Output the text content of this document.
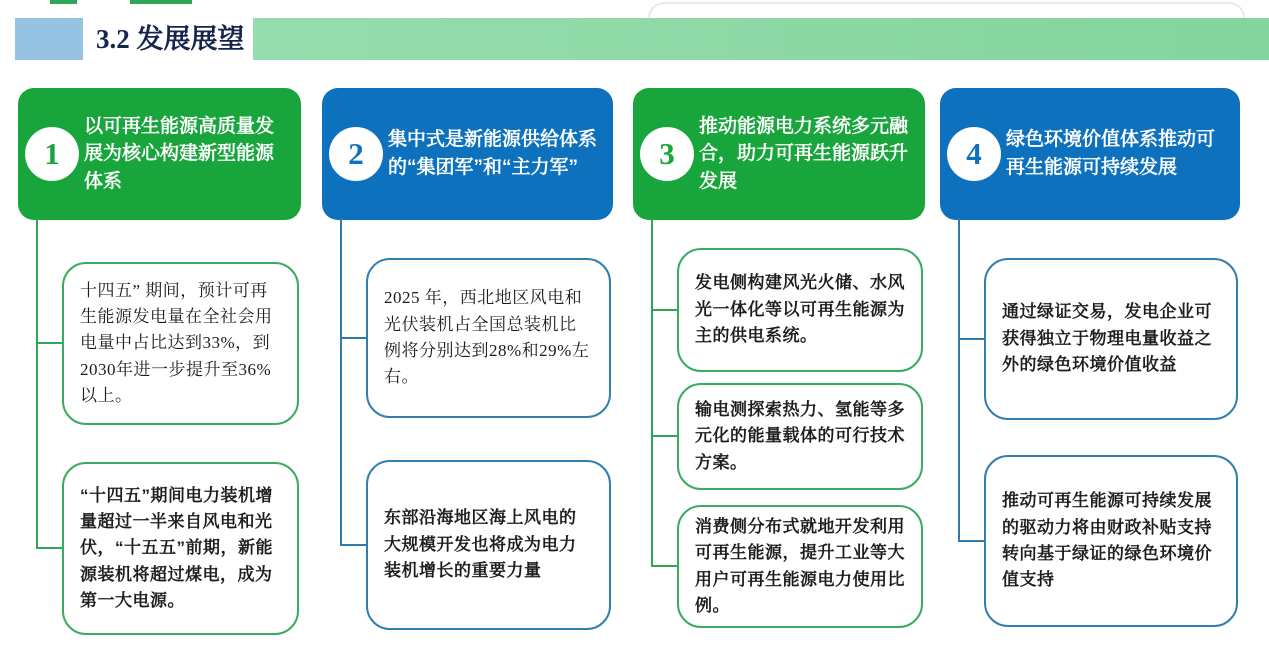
3.2 发展展望
以可再生能源高质量发展为核心构建新型能源体系
1
十四五” 期间，预计可再生能源发电量在全社会用电量中占比达到33%，到2030年进一步提升至36%以上。
“十四五”期间电力装机增量超过一半来自风电和光伏，“十五五”前期，新能源装机将超过煤电，成为第一大电源。
集中式是新能源供给体系的“集团军”和“主力军”
2
2025 年，西北地区风电和光伏装机占全国总装机比例将分别达到28%和29%左右。
东部沿海地区海上风电的大规模开发也将成为电力装机增长的重要力量
推动能源电力系统多元融合，助力可再生能源跃升发展
3
发电侧构建风光火储、水风光一体化等以可再生能源为主的供电系统。
输电测探索热力、氢能等多元化的能量载体的可行技术方案。
消费侧分布式就地开发利用可再生能源，提升工业等大用户可再生能源电力使用比例。
绿色环境价值体系推动可再生能源可持续发展
4
通过绿证交易，发电企业可获得独立于物理电量收益之外的绿色环境价值收益
推动可再生能源可持续发展的驱动力将由财政补贴支持转向基于绿证的绿色环境价值支持
